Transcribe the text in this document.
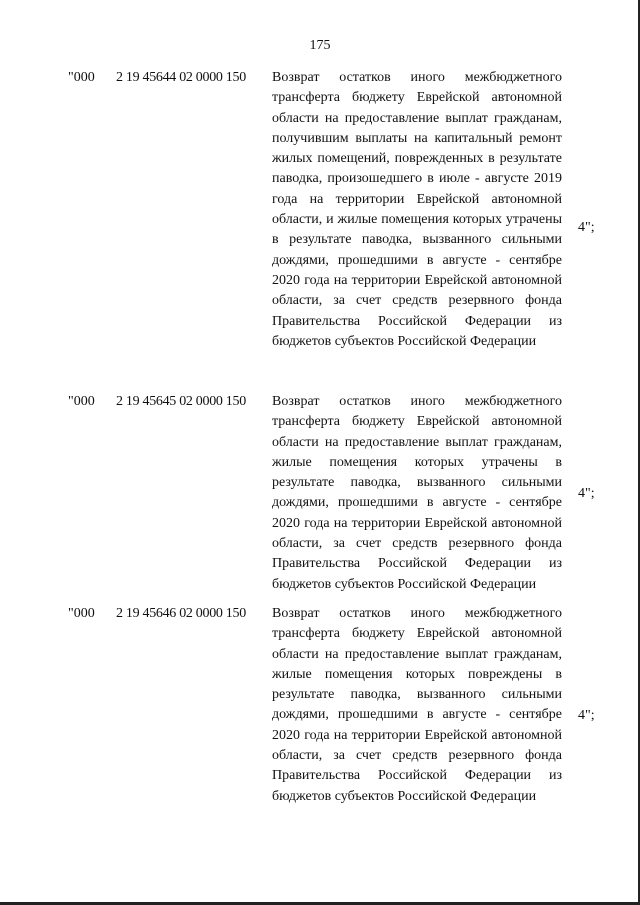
175
"000 2 19 45644 02 0000 150 Возврат остатков иного межбюджетного трансферта бюджету Еврейской автономной области на предоставление выплат гражданам, получившим выплаты на капитальный ремонт жилых помещений, поврежденных в результате паводка, произошедшего в июле - августе 2019 года на территории Еврейской автономной области, и жилые помещения которых утрачены в результате паводка, вызванного сильными дождями, прошедшими в августе - сентябре 2020 года на территории Еврейской автономной области, за счет средств резервного фонда Правительства Российской Федерации из бюджетов субъектов Российской Федерации
4";
"000 2 19 45645 02 0000 150 Возврат остатков иного межбюджетного трансферта бюджету Еврейской автономной области на предоставление выплат гражданам, жилые помещения которых утрачены в результате паводка, вызванного сильными дождями, прошедшими в августе - сентябре 2020 года на территории Еврейской автономной области, за счет средств резервного фонда Правительства Российской Федерации из бюджетов субъектов Российской Федерации
4";
"000 2 19 45646 02 0000 150 Возврат остатков иного межбюджетного трансферта бюджету Еврейской автономной области на предоставление выплат гражданам, жилые помещения которых повреждены в результате паводка, вызванного сильными дождями, прошедшими в августе - сентябре 2020 года на территории Еврейской автономной области, за счет средств резервного фонда Правительства Российской Федерации из бюджетов субъектов Российской Федерации
4";
